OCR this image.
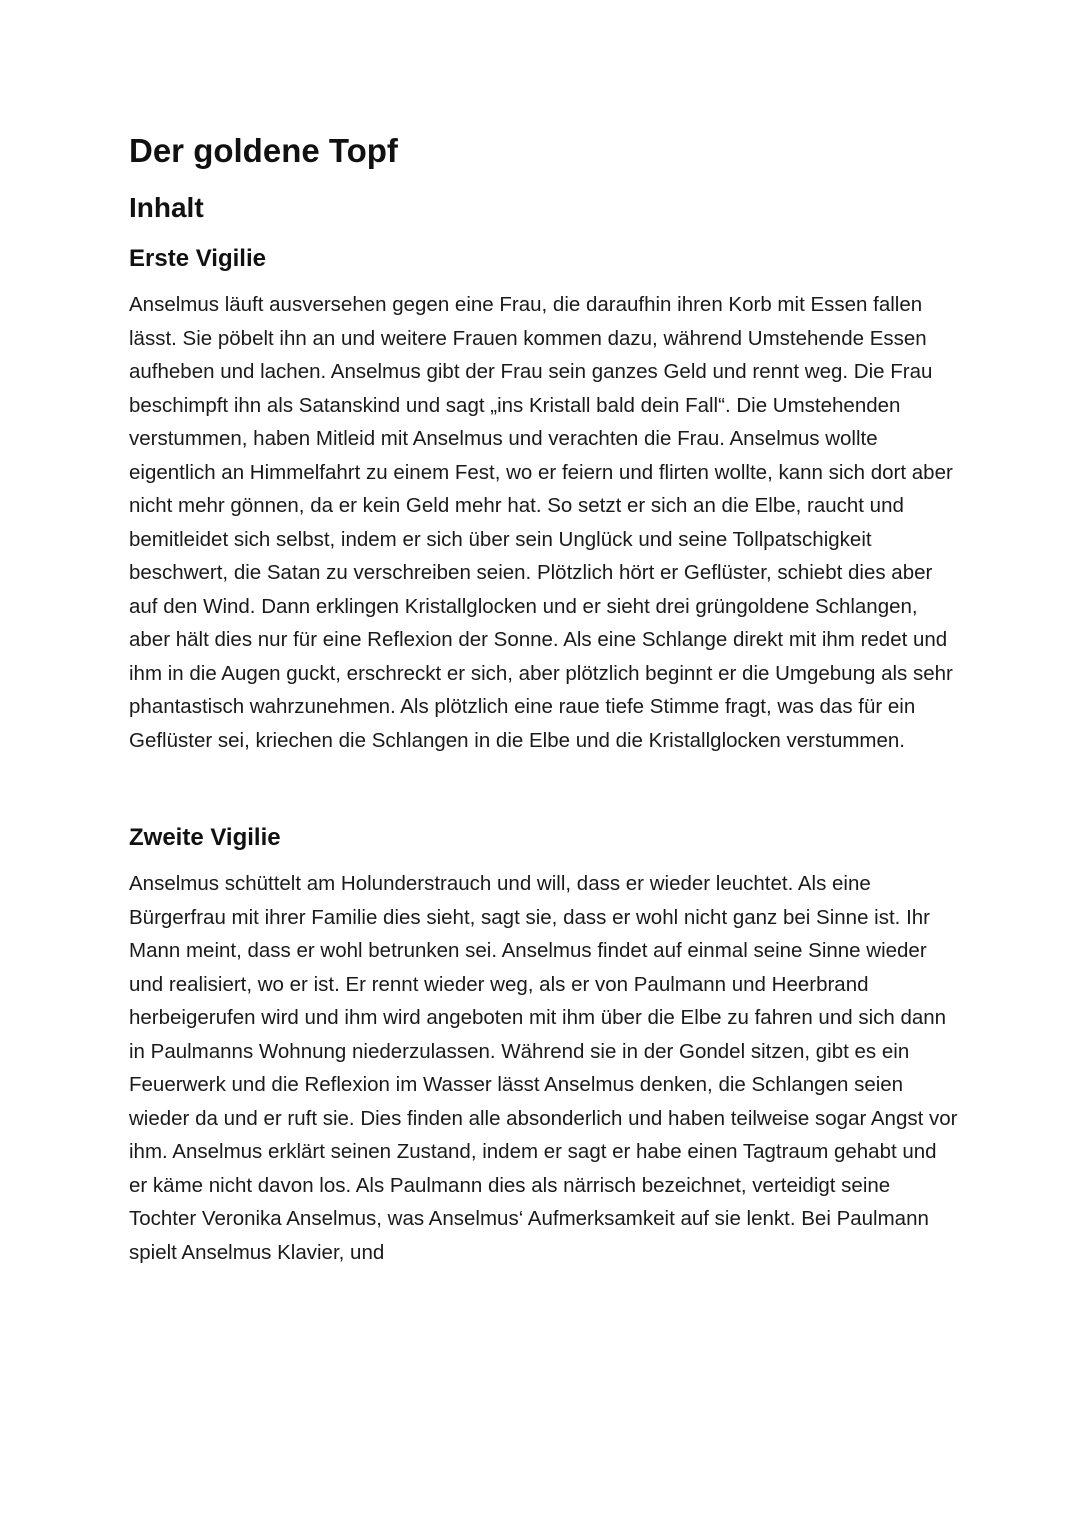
Der goldene Topf
Inhalt
Erste Vigilie

Anselmus läuft ausversehen gegen eine Frau, die daraufhin ihren Korb mit Essen fallen lässt. Sie pöbelt ihn an und weitere Frauen kommen dazu, während Umstehende Essen aufheben und lachen. Anselmus gibt der Frau sein ganzes Geld und rennt weg. Die Frau beschimpft ihn als Satanskind und sagt „ins Kristall bald dein Fall“. Die Umstehenden verstummen, haben Mitleid mit Anselmus und verachten die Frau. Anselmus wollte eigentlich an Himmelfahrt zu einem Fest, wo er feiern und flirten wollte, kann sich dort aber nicht mehr gönnen, da er kein Geld mehr hat. So setzt er sich an die Elbe, raucht und bemitleidet sich selbst, indem er sich über sein Unglück und seine Tollpatschigkeit beschwert, die Satan zu verschreiben seien. Plötzlich hört er Geflüster, schiebt dies aber auf den Wind. Dann erklingen Kristallglocken und er sieht drei grüngoldene Schlangen, aber hält dies nur für eine Reflexion der Sonne. Als eine Schlange direkt mit ihm redet und ihm in die Augen guckt, erschreckt er sich, aber plötzlich beginnt er die Umgebung als sehr phantastisch wahrzunehmen. Als plötzlich eine raue tiefe Stimme fragt, was das für ein Geflüster sei, kriechen die Schlangen in die Elbe und die Kristallglocken verstummen.

Zweite Vigilie

Anselmus schüttelt am Holunderstrauch und will, dass er wieder leuchtet. Als eine Bürgerfrau mit ihrer Familie dies sieht, sagt sie, dass er wohl nicht ganz bei Sinne ist. Ihr Mann meint, dass er wohl betrunken sei. Anselmus findet auf einmal seine Sinne wieder und realisiert, wo er ist. Er rennt wieder weg, als er von Paulmann und Heerbrand herbeigerufen wird und ihm wird angeboten mit ihm über die Elbe zu fahren und sich dann in Paulmanns Wohnung niederzulassen. Während sie in der Gondel sitzen, gibt es ein Feuerwerk und die Reflexion im Wasser lässt Anselmus denken, die Schlangen seien wieder da und er ruft sie. Dies finden alle absonderlich und haben teilweise sogar Angst vor ihm. Anselmus erklärt seinen Zustand, indem er sagt er habe einen Tagtraum gehabt und er käme nicht davon los. Als Paulmann dies als närrisch bezeichnet, verteidigt seine Tochter Veronika Anselmus, was Anselmus‘ Aufmerksamkeit auf sie lenkt. Bei Paulmann spielt Anselmus Klavier, und
